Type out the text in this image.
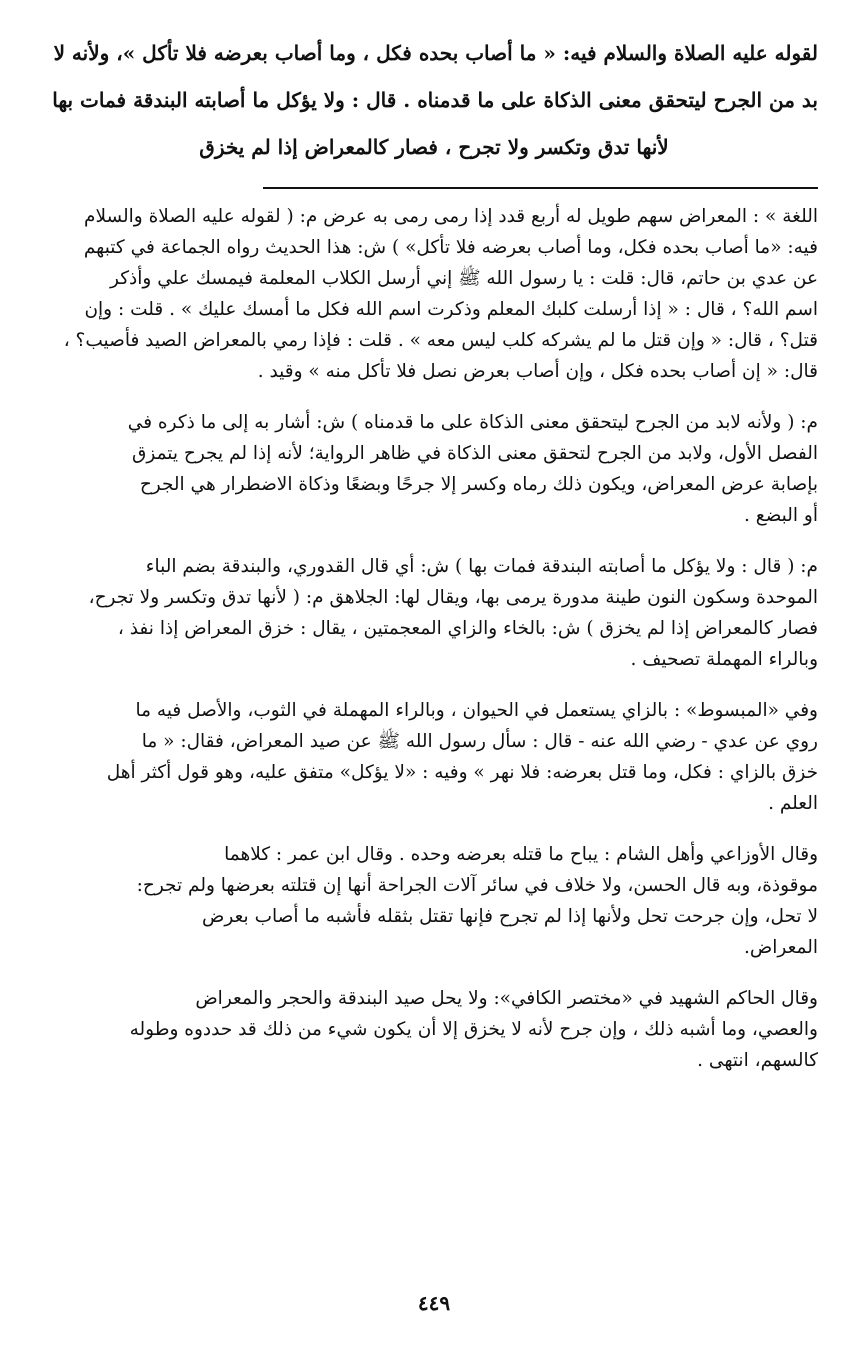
لقوله عليه الصلاة والسلام فيه: « ما أصاب بحده فكل ، وما أصاب بعرضه فلا تأكل »، ولأنه لا
بد من الجرح ليتحقق معنى الذكاة على ما قدمناه . قال : ولا يؤكل ما أصابته البندقة فمات بها
لأنها تدق وتكسر ولا تجرح ، فصار كالمعراض إذا لم يخزق

اللغة » : المعراض سهم طويل له أربع قدد إذا رمى رمى به عرض م: ( لقوله عليه الصلاة والسلام
فيه: «ما أصاب بحده فكل، وما أصاب بعرضه فلا تأكل» ) ش: هذا الحديث رواه الجماعة في كتبهم
عن عدي بن حاتم، قال: قلت : يا رسول الله ﷺ إني أرسل الكلاب المعلمة فيمسك علي وأذكر
اسم الله؟ ، قال : « إذا أرسلت كلبك المعلم وذكرت اسم الله فكل ما أمسك عليك » . قلت : وإن
قتل؟ ، قال: « وإن قتل ما لم يشركه كلب ليس معه » . قلت : فإذا رمي بالمعراض الصيد فأصيب؟ ،
قال: « إن أصاب بحده فكل ، وإن أصاب بعرض نصل فلا تأكل منه » وقيد .

م: ( ولأنه لابد من الجرح ليتحقق معنى الذكاة على ما قدمناه ) ش: أشار به إلى ما ذكره في
الفصل الأول، ولابد من الجرح لتحقق معنى الذكاة في ظاهر الرواية؛ لأنه إذا لم يجرح يتمزق
بإصابة عرض المعراض، ويكون ذلك رماه وكسر إلا جرحًا وبضعًا وذكاة الاضطرار هي الجرح
أو البضع .

م: ( قال : ولا يؤكل ما أصابته البندقة فمات بها ) ش: أي قال القدوري، والبندقة بضم الباء
الموحدة وسكون النون طينة مدورة يرمى بها، ويقال لها: الجلاهق م: ( لأنها تدق وتكسر ولا تجرح،
فصار كالمعراض إذا لم يخزق ) ش: بالخاء والزاي المعجمتين ، يقال : خزق المعراض إذا نفذ ،
وبالراء المهملة تصحيف .

وفي «المبسوط» : بالزاي يستعمل في الحيوان ، وبالراء المهملة في الثوب، والأصل فيه ما
روي عن عدي - رضي الله عنه - قال : سأل رسول الله ﷺ عن صيد المعراض، فقال: « ما
خزق بالزاي : فكل، وما قتل بعرضه: فلا نهر » وفيه : «لا يؤكل» متفق عليه، وهو قول أكثر أهل
العلم .

وقال الأوزاعي وأهل الشام : يباح ما قتله بعرضه وحده . وقال ابن عمر : كلاهما
موقوذة، وبه قال الحسن، ولا خلاف في سائر آلات الجراحة أنها إن قتلته بعرضها ولم تجرح:
لا تحل، وإن جرحت تحل ولأنها إذا لم تجرح فإنها تقتل بثقله فأشبه ما أصاب بعرض
المعراض.

وقال الحاكم الشهيد في «مختصر الكافي»: ولا يحل صيد البندقة والحجر والمعراض
والعصي، وما أشبه ذلك ، وإن جرح لأنه لا يخزق إلا أن يكون شيء من ذلك قد حددوه وطوله
كالسهم، انتهى .

٤٤٩
